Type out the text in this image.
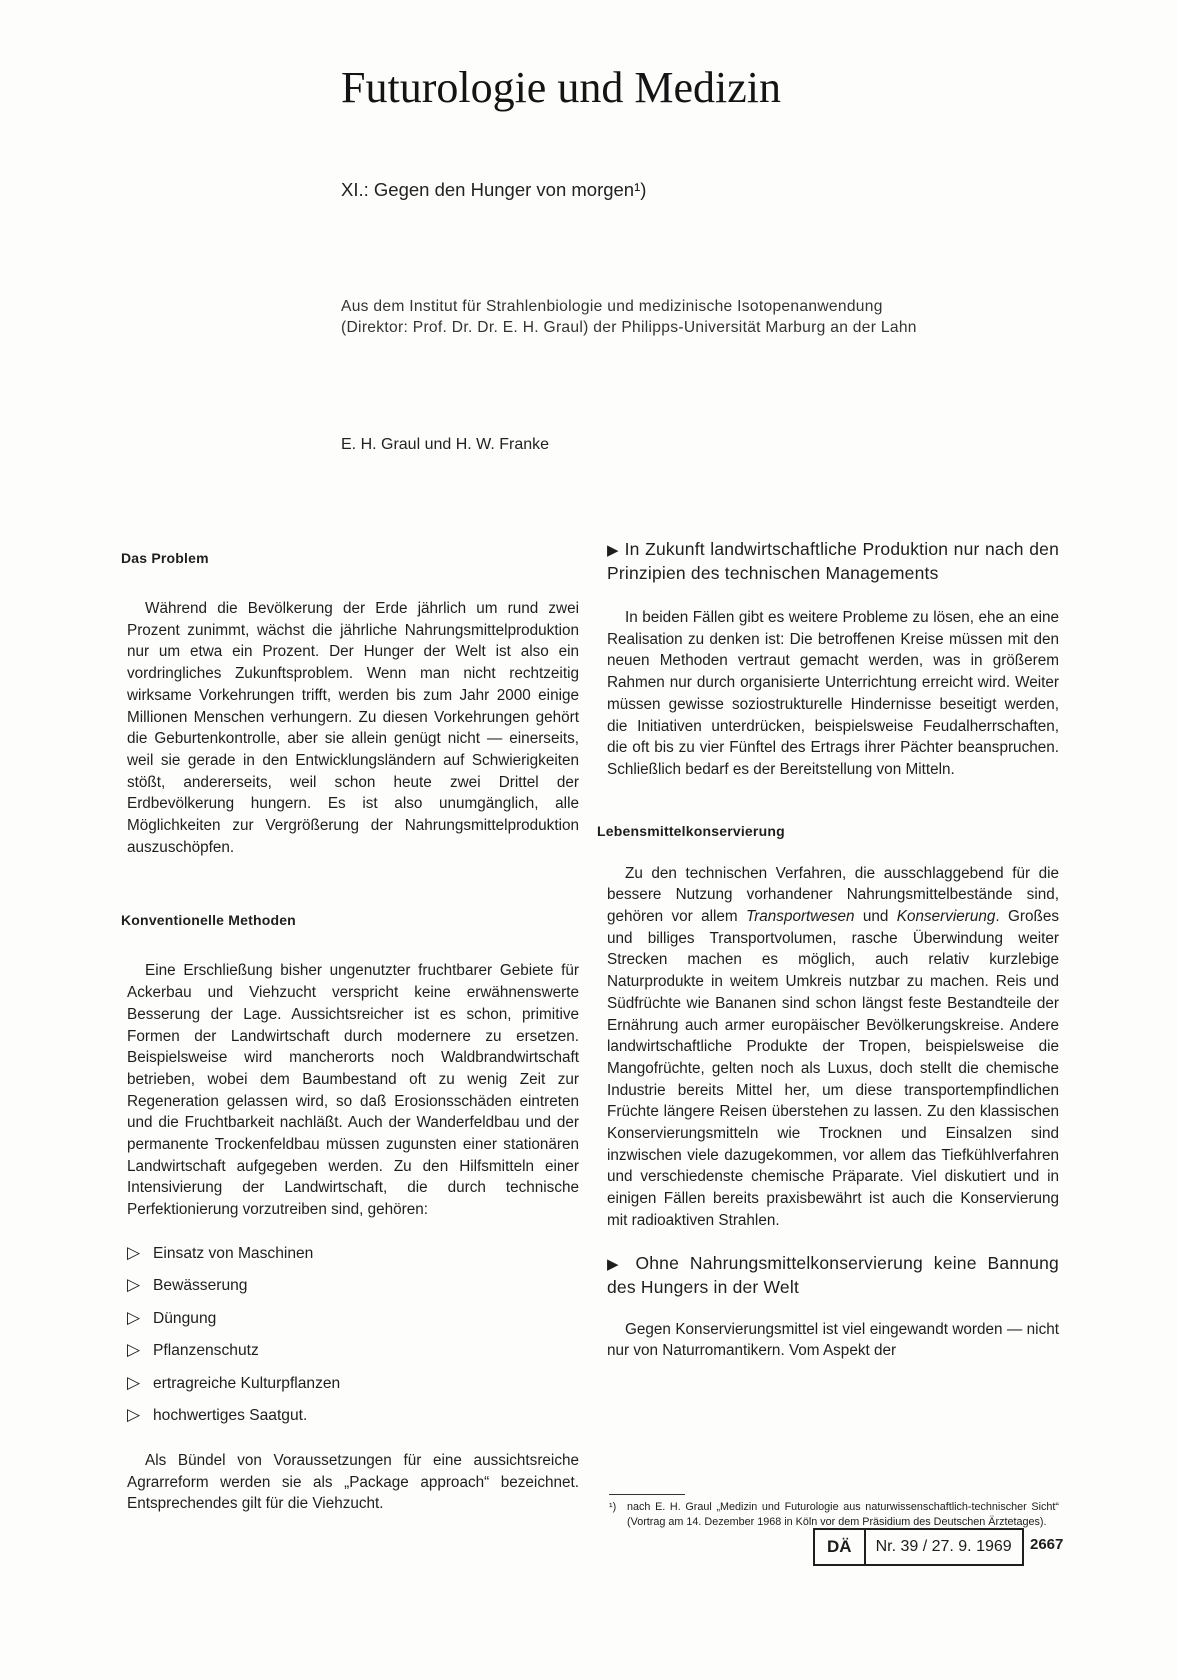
Futurologie und Medizin
XI.: Gegen den Hunger von morgen¹)
Aus dem Institut für Strahlenbiologie und medizinische Isotopenanwendung
(Direktor: Prof. Dr. Dr. E. H. Graul) der Philipps-Universität Marburg an der Lahn
E. H. Graul und H. W. Franke
Das Problem

Während die Bevölkerung der Erde jährlich um rund zwei Prozent zunimmt, wächst die jährliche Nahrungsmittelproduktion nur um etwa ein Prozent. Der Hunger der Welt ist also ein vordringliches Zukunftsproblem. Wenn man nicht rechtzeitig wirksame Vorkehrungen trifft, werden bis zum Jahr 2000 einige Millionen Menschen verhungern. Zu diesen Vorkehrungen gehört die Geburtenkontrolle, aber sie allein genügt nicht — einerseits, weil sie gerade in den Entwicklungsländern auf Schwierigkeiten stößt, andererseits, weil schon heute zwei Drittel der Erdbevölkerung hungern. Es ist also unumgänglich, alle Möglichkeiten zur Vergrößerung der Nahrungsmittelproduktion auszuschöpfen.

Konventionelle Methoden

Eine Erschließung bisher ungenutzter fruchtbarer Gebiete für Ackerbau und Viehzucht verspricht keine erwähnenswerte Besserung der Lage. Aussichtsreicher ist es schon, primitive Formen der Landwirtschaft durch modernere zu ersetzen. Beispielsweise wird mancherorts noch Waldbrandwirtschaft betrieben, wobei dem Baumbestand oft zu wenig Zeit zur Regeneration gelassen wird, so daß Erosionsschäden eintreten und die Fruchtbarkeit nachläßt. Auch der Wanderfeldbau und der permanente Trockenfeldbau müssen zugunsten einer stationären Landwirtschaft aufgegeben werden. Zu den Hilfsmitteln einer Intensivierung der Landwirtschaft, die durch technische Perfektionierung vorzutreiben sind, gehören:

▷ Einsatz von Maschinen
▷ Bewässerung
▷ Düngung
▷ Pflanzenschutz
▷ ertragreiche Kulturpflanzen
▷ hochwertiges Saatgut.

Als Bündel von Voraussetzungen für eine aussichtsreiche Agrarreform werden sie als „Package approach“ bezeichnet. Entsprechendes gilt für die Viehzucht.

▶ In Zukunft landwirtschaftliche Produktion nur nach den Prinzipien des technischen Managements

In beiden Fällen gibt es weitere Probleme zu lösen, ehe an eine Realisation zu denken ist: Die betroffenen Kreise müssen mit den neuen Methoden vertraut gemacht werden, was in größerem Rahmen nur durch organisierte Unterrichtung erreicht wird. Weiter müssen gewisse soziostrukturelle Hindernisse beseitigt werden, die Initiativen unterdrücken, beispielsweise Feudalherrschaften, die oft bis zu vier Fünftel des Ertrags ihrer Pächter beanspruchen. Schließlich bedarf es der Bereitstellung von Mitteln.

Lebensmittelkonservierung

Zu den technischen Verfahren, die ausschlaggebend für die bessere Nutzung vorhandener Nahrungsmittelbestände sind, gehören vor allem Transportwesen und Konservierung. Großes und billiges Transportvolumen, rasche Überwindung weiter Strecken machen es möglich, auch relativ kurzlebige Naturprodukte in weitem Umkreis nutzbar zu machen. Reis und Südfrüchte wie Bananen sind schon längst feste Bestandteile der Ernährung auch armer europäischer Bevölkerungskreise. Andere landwirtschaftliche Produkte der Tropen, beispielsweise die Mangofrüchte, gelten noch als Luxus, doch stellt die chemische Industrie bereits Mittel her, um diese transportempfindlichen Früchte längere Reisen überstehen zu lassen. Zu den klassischen Konservierungsmitteln wie Trocknen und Einsalzen sind inzwischen viele dazugekommen, vor allem das Tiefkühlverfahren und verschiedenste chemische Präparate. Viel diskutiert und in einigen Fällen bereits praxisbewährt ist auch die Konservierung mit radioaktiven Strahlen.

▶ Ohne Nahrungsmittelkonservierung keine Bannung des Hungers in der Welt

Gegen Konservierungsmittel ist viel eingewandt worden — nicht nur von Naturromantikern. Vom Aspekt der

¹) nach E. H. Graul „Medizin und Futurologie aus naturwissenschaftlich-technischer Sicht“ (Vortrag am 14. Dezember 1968 in Köln vor dem Präsidium des Deutschen Ärztetages).
DÄ	Nr. 39 / 27. 9. 1969	2667
